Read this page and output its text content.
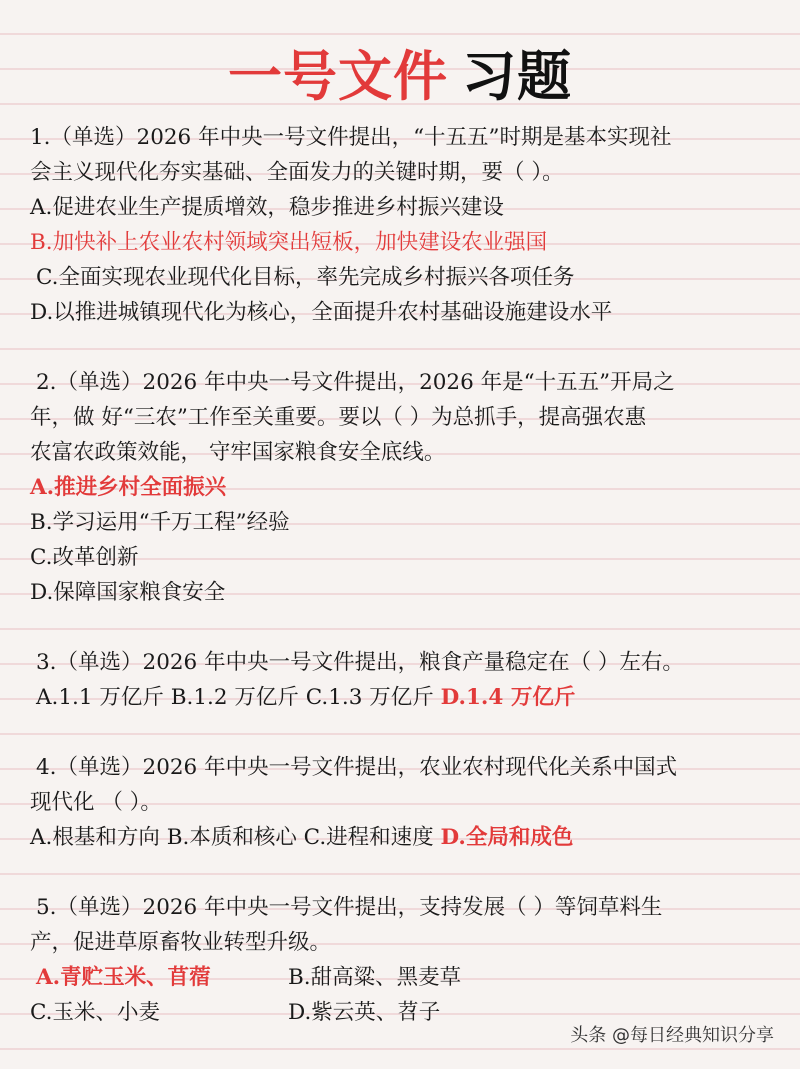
一号文件 习题
1.（单选）2026 年中央一号文件提出，“十五五”时期是基本实现社
会主义现代化夯实基础、全面发力的关键时期，要（ ）。
A.促进农业生产提质增效，稳步推进乡村振兴建设
B.加快补上农业农村领域突出短板，加快建设农业强国
C.全面实现农业现代化目标，率先完成乡村振兴各项任务
D.以推进城镇现代化为核心，全面提升农村基础设施建设水平
2.（单选）2026 年中央一号文件提出，2026 年是“十五五”开局之
年，做 好“三农”工作至关重要。要以（ ）为总抓手，提高强农惠
农富农政策效能， 守牢国家粮食安全底线。
A.推进乡村全面振兴
B.学习运用“千万工程”经验
C.改革创新
D.保障国家粮食安全
3.（单选）2026 年中央一号文件提出，粮食产量稳定在（ ）左右。
A.1.1 万亿斤 B.1.2 万亿斤 C.1.3 万亿斤 D.1.4 万亿斤
4.（单选）2026 年中央一号文件提出，农业农村现代化关系中国式
现代化 （ ）。
A.根基和方向 B.本质和核心 C.进程和速度 D.全局和成色
5.（单选）2026 年中央一号文件提出，支持发展（ ）等饲草料生
产，促进草原畜牧业转型升级。
A.青贮玉米、苜蓿	B.甜高粱、黑麦草
C.玉米、小麦	D.紫云英、苕子
头条 @每日经典知识分享
